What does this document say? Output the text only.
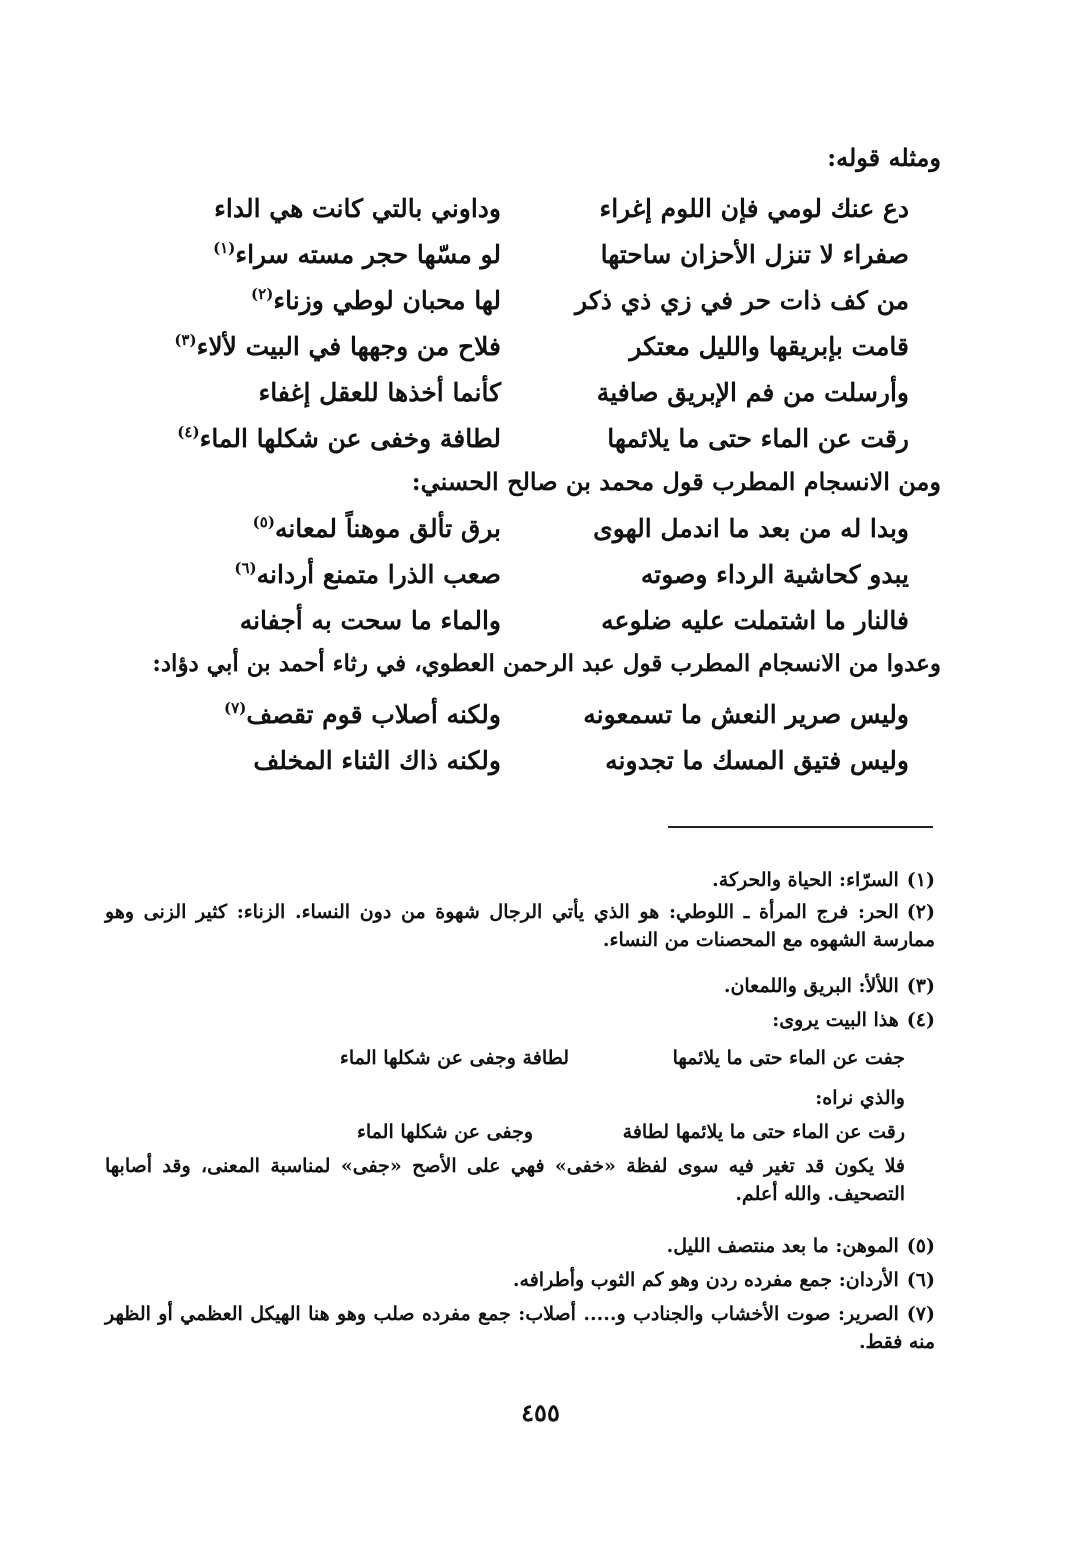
ومثله قوله:

دع عنك لومي فإن اللوم إغراء
وداوني بالتي كانت هي الداء
صفراء لا تنزل الأحزان ساحتها
لو مسّها حجر مسته سراء$^{(١)}$
من كف ذات حر في زي ذي ذكر
لها محبان لوطي وزناء$^{(٢)}$
قامت بإبريقها والليل معتكر
فلاح من وجهها في البيت لألاء$^{(٣)}$
وأرسلت من فم الإبريق صافية
كأنما أخذها للعقل إغفاء
رقت عن الماء حتى ما يلائمها
لطافة وخفى عن شكلها الماء$^{(٤)}$

ومن الانسجام المطرب قول محمد بن صالح الحسني:

وبدا له من بعد ما اندمل الهوى
برق تألق موهناً لمعانه$^{(٥)}$
يبدو كحاشية الرداء وصوته
صعب الذرا متمنع أردانه$^{(٦)}$
فالنار ما اشتملت عليه ضلوعه
والماء ما سحت به أجفانه

وعدوا من الانسجام المطرب قول عبد الرحمن العطوي، في رثاء أحمد بن أبي دؤاد:

وليس صرير النعش ما تسمعونه
ولكنه أصلاب قوم تقصف$^{(٧)}$
وليس فتيق المسك ما تجدونه
ولكنه ذاك الثناء المخلف
(١)السرّاء: الحياة والحركة.
(٢)الحر: فرج المرأة ـ اللوطي: هو الذي يأتي الرجال شهوة من دون النساء. الزناء: كثير الزنى وهو ممارسة الشهوه مع المحصنات من النساء.
(٣)اللألأ: البريق واللمعان.
(٤)هذا البيت يروى:
جفت عن الماء حتى ما يلائمها
لطافة وجفى عن شكلها الماء
والذي نراه:
رقت عن الماء حتى ما يلائمها لطافة
وجفى عن شكلها الماء
فلا يكون قد تغير فيه سوى لفظة «خفى» فهي على الأصح «جفى» لمناسبة المعنى، وقد أصابها التصحيف. والله أعلم.
(٥)الموهن: ما بعد منتصف الليل.
(٦)الأردان: جمع مفرده ردن وهو كم الثوب وأطرافه.
(٧)الصرير: صوت الأخشاب والجنادب و..... أصلاب: جمع مفرده صلب وهو هنا الهيكل العظمي أو الظهر منه فقط.
٤٥٥
